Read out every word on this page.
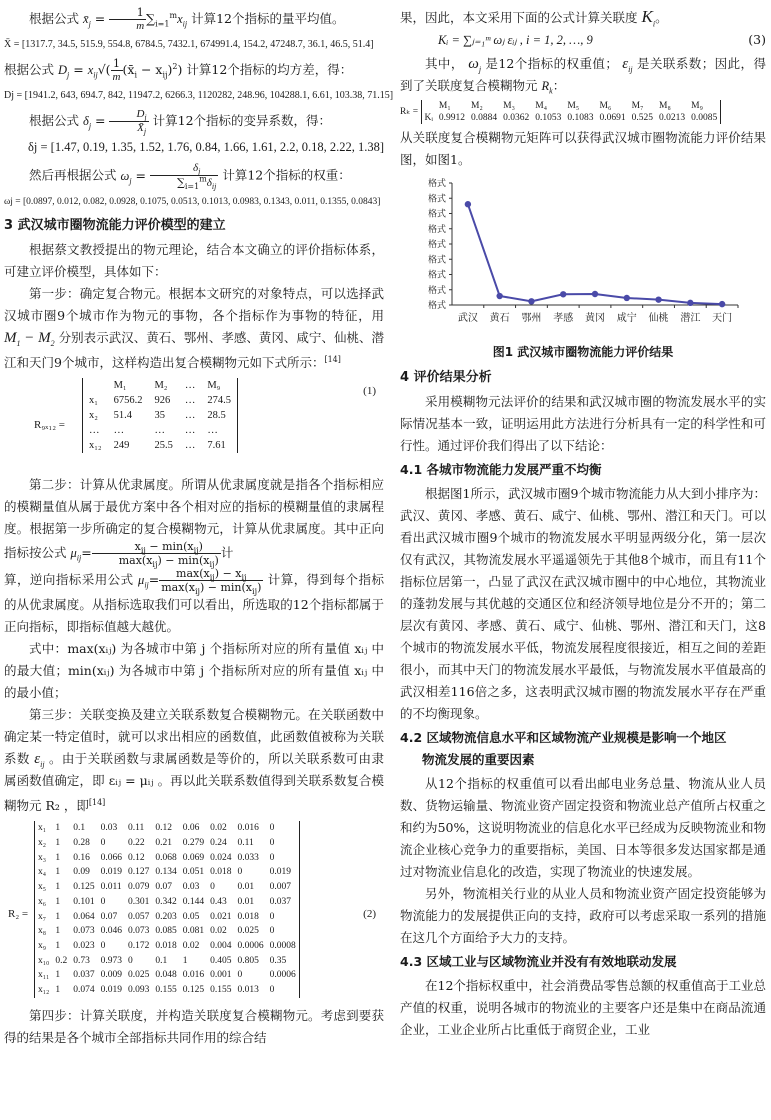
根据公式 $x̄_j = \frac{1}{m} \sum_{i=1}^mx_{ij}$ 计算12个指标的量平均值。

X̄ = [1317.7, 34.5, 515.9, 554.8, 6784.5, 7432.1, 674991.4, 154.2, 47248.7, 36.1, 46.5, 51.4]

根据公式 $D_j = x_{ij}√( \frac{1}{m}$ $(x̄_i - x_{ij})^2$) 计算12个指标的均方差，得：

Dj = [1941.2, 643, 694.7, 842, 11947.2, 6266.3, 1120282, 248.96, 104288.1, 6.61, 103.38, 71.15]

根据公式 $\delta_j = \frac{D_j}{X̄_j}$ 计算12个指标的变异系数，得：

δj = [1.47, 0.19, 1.35, 1.52, 1.76, 0.84, 1.66, 1.61, 2.2, 0.18, 2.22, 1.38]

然后再根据公式 $\omega_j$ =	$\delta_j$
$\sum_{i=1}^m\delta_{ij}$
计算12个指标的权重：

ωj = [0.0897, 0.012, 0.082, 0.0928, 0.1075, 0.0513, 0.1013, 0.0983, 0.1343, 0.011, 0.1355, 0.0843]
3 武汉城市圈物流能力评价模型的建立

根据蔡文教授提出的物元理论，结合本文确立的评价指标体系，可建立评价模型，具体如下：

第一步：确定复合物元。根据本文研究的对象特点，可以选择武汉城市圈9个城市作为物元的事物，各个指标作为事物的特征，用 $M_1 - M_2$ 分别表示武汉、黄石、鄂州、孝感、黄冈、咸宁、仙桃、潜江和天门9个城市，这样构造出复合模糊物元如下式所示：[14]

R₉ₓ₁₂ =
	M₁	M₂	…	M₉
x₁	6756.2	926	…	274.5
x₂	51.4	35	…	28.5
…	…	…	…	…
x₁₂	249	25.5	…	7.61
(1)

第二步：计算从优隶属度。所谓从优隶属度就是指各个指标相应的模糊量值从属于最优方案中各个相对应的指标的模糊量值的隶属程度。根据第一步所确定的复合模糊物元，计算从优隶属度。其中正向指标按公式 $\mu_{ij}=$	$x_{ij} - \min(x_{ij})$
$\max(x_{ij}) - \min(x_{ij})$
计

算，逆向指标采用公式 $\mu_{ij}=$	$\max(x_{ij}) - x_{ij}$
$\max(x_{ij}) - \min(x_{ij})$
计算，得到每个指标的从优隶属度。从指标选取我们可以看出，所选取的12个指标都属于正向指标，即指标值越大越优。

式中：max(xᵢⱼ) 为各城市中第 j 个指标所对应的所有量值 xᵢⱼ 中的最大值；min(xᵢⱼ) 为各城市中第 j 个指标所对应的所有量值 xᵢⱼ 中的最小值；

第三步：关联变换及建立关联系数复合模糊物元。在关联函数中确定某一特定值时，就可以求出相应的函数值，此函数值被称为关联系数 $\varepsilon_{ij}$ 。由于关联函数与隶属函数是等价的，所以关联系数可由隶属函数值确定，即 εᵢⱼ = μᵢⱼ 。再以此关联系数值得到关联系数复合模糊物元 R₂ ，即[14]

R₂ =
x₁	1	0.1	0.03	0.11	0.12	0.06	0.02	0.016	0
x₂	1	0.28	0	0.22	0.21	0.279	0.24	0.11	0
x₃	1	0.16	0.066	0.12	0.068	0.069	0.024	0.033	0
x₄	1	0.09	0.019	0.127	0.134	0.051	0.018	0	0.019
x₅	1	0.125	0.011	0.079	0.07	0.03	0	0.01	0.007
x₆	1	0.101	0	0.301	0.342	0.144	0.43	0.01	0.037
x₇	1	0.064	0.07	0.057	0.203	0.05	0.021	0.018	0
x₈	1	0.073	0.046	0.073	0.085	0.081	0.02	0.025	0
x₉	1	0.023	0	0.172	0.018	0.02	0.004	0.0006	0.0008
x₁₀	0.2	0.73	0.973	0	0.1	1	0.405	0.805	0.35
x₁₁	1	0.037	0.009	0.025	0.048	0.016	0.001	0	0.0006
x₁₂	1	0.074	0.019	0.093	0.155	0.125	0.155	0.013	0
(2)

第四步：计算关联度，并构造关联度复合模糊物元。考虑到要获得的结果是各个城市全部指标共同作用的综合结

果，因此，本文采用下面的公式计算关联度 $K_i$。

Kᵢ = ∑ⱼ₌₁ᵐ ωⱼ εᵢⱼ , i = 1, 2, …, 9	(3)

其中， $\omega_j$ 是12个指标的权重值； $\varepsilon_{ij}$ 是关联系数；因此，得到了关联度复合模糊物元 $R_k$：

Rₖ =	M₁	M₂	M₃	M₄	M₅	M₆	M₇	M₈	M₉
Kᵢ	0.9912	0.0884	0.0362	0.1053	0.1083	0.0691	0.525	0.0213	0.0085

从关联度复合模糊物元矩阵可以获得武汉城市圈物流能力评价结果图，如图1。

格式
格式
格式
格式
格式
格式
格式
格式
格式
武汉 黄石 鄂州 孝感 黄冈 咸宁 仙桃 潜江 天门

图1 武汉城市圈物流能力评价结果

4 评价结果分析

采用模糊物元法评价的结果和武汉城市圈的物流发展水平的实际情况基本一致，证明运用此方法进行分析具有一定的科学性和可行性。通过评价我们得出了以下结论：

4.1 各城市物流能力发展严重不均衡

根据图1所示，武汉城市圈9个城市物流能力从大到小排序为：武汉、黄冈、孝感、黄石、咸宁、仙桃、鄂州、潜江和天门。可以看出武汉城市圈9个城市的物流发展水平明显两级分化，第一层次仅有武汉，其物流发展水平遥遥领先于其他8个城市，而且有11个指标位居第一，凸显了武汉在武汉城市圈中的中心地位，其物流业的蓬勃发展与其优越的交通区位和经济领导地位是分不开的；第二层次有黄冈、孝感、黄石、咸宁、仙桃、鄂州、潜江和天门，这8个城市的物流发展水平低，物流发展程度很接近，相互之间的差距很小，而其中天门的物流发展水平最低，与物流发展水平值最高的武汉相差116倍之多，这表明武汉城市圈的物流发展水平存在严重的不均衡现象。

4.2 区域物流信息水平和区域物流产业规模是影响一个地区
物流发展的重要因素

从12个指标的权重值可以看出邮电业务总量、物流从业人员数、货物运输量、物流业资产固定投资和物流业总产值所占权重之和约为50%，这说明物流业的信息化水平已经成为反映物流业和物流企业核心竞争力的重要指标，美国、日本等很多发达国家都是通过对物流业信息化的改造，实现了物流业的快速发展。

另外，物流相关行业的从业人员和物流业资产固定投资能够为物流能力的发展提供正向的支持，政府可以考虑采取一系列的措施在这几个方面给予大力的支持。

4.3 区域工业与区域物流业并没有有效地联动发展

在12个指标权重中，社会消费品零售总额的权重值高于工业总产值的权重，说明各城市的物流业的主要客户还是集中在商品流通企业，工业企业所占比重低于商贸企业，工业
